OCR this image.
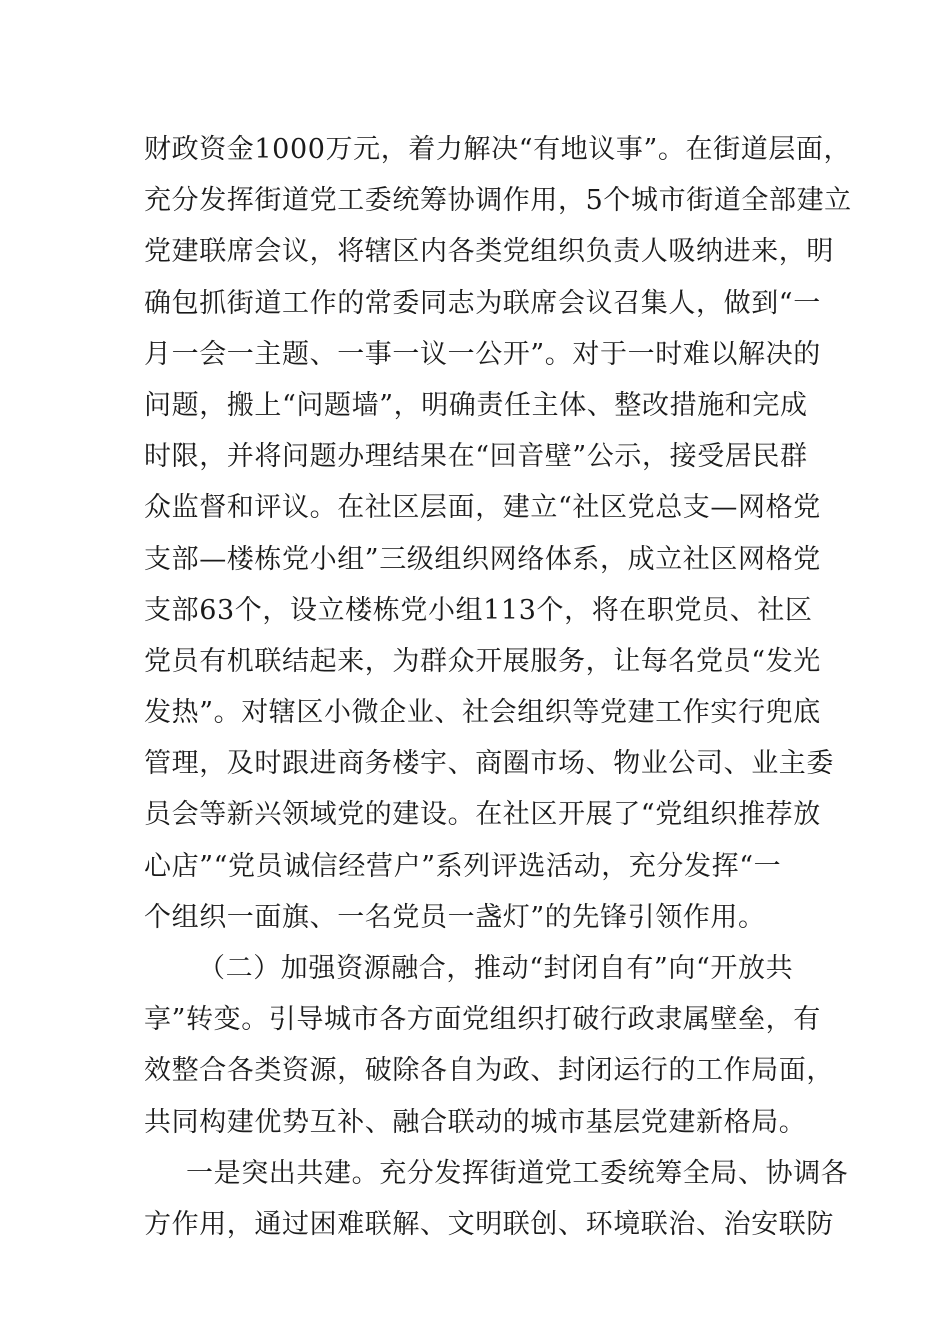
财政资金1000万元，着力解决“有地议事”。在街道层面，
充分发挥街道党工委统筹协调作用，5个城市街道全部建立
党建联席会议，将辖区内各类党组织负责人吸纳进来，明
确包抓街道工作的常委同志为联席会议召集人，做到“一
月一会一主题、一事一议一公开”。对于一时难以解决的
问题，搬上“问题墙”，明确责任主体、整改措施和完成
时限，并将问题办理结果在“回音壁”公示，接受居民群
众监督和评议。在社区层面，建立“社区党总支—网格党
支部—楼栋党小组”三级组织网络体系，成立社区网格党
支部63个，设立楼栋党小组113个，将在职党员、社区
党员有机联结起来，为群众开展服务，让每名党员“发光
发热”。对辖区小微企业、社会组织等党建工作实行兜底
管理，及时跟进商务楼宇、商圈市场、物业公司、业主委
员会等新兴领域党的建设。在社区开展了“党组织推荐放
心店”“党员诚信经营户”系列评选活动，充分发挥“一
个组织一面旗、一名党员一盏灯”的先锋引领作用。
（二）加强资源融合，推动“封闭自有”向“开放共
享”转变。引导城市各方面党组织打破行政隶属壁垒，有
效整合各类资源，破除各自为政、封闭运行的工作局面，
共同构建优势互补、融合联动的城市基层党建新格局。
一是突出共建。充分发挥街道党工委统筹全局、协调各
方作用，通过困难联解、文明联创、环境联治、治安联防
